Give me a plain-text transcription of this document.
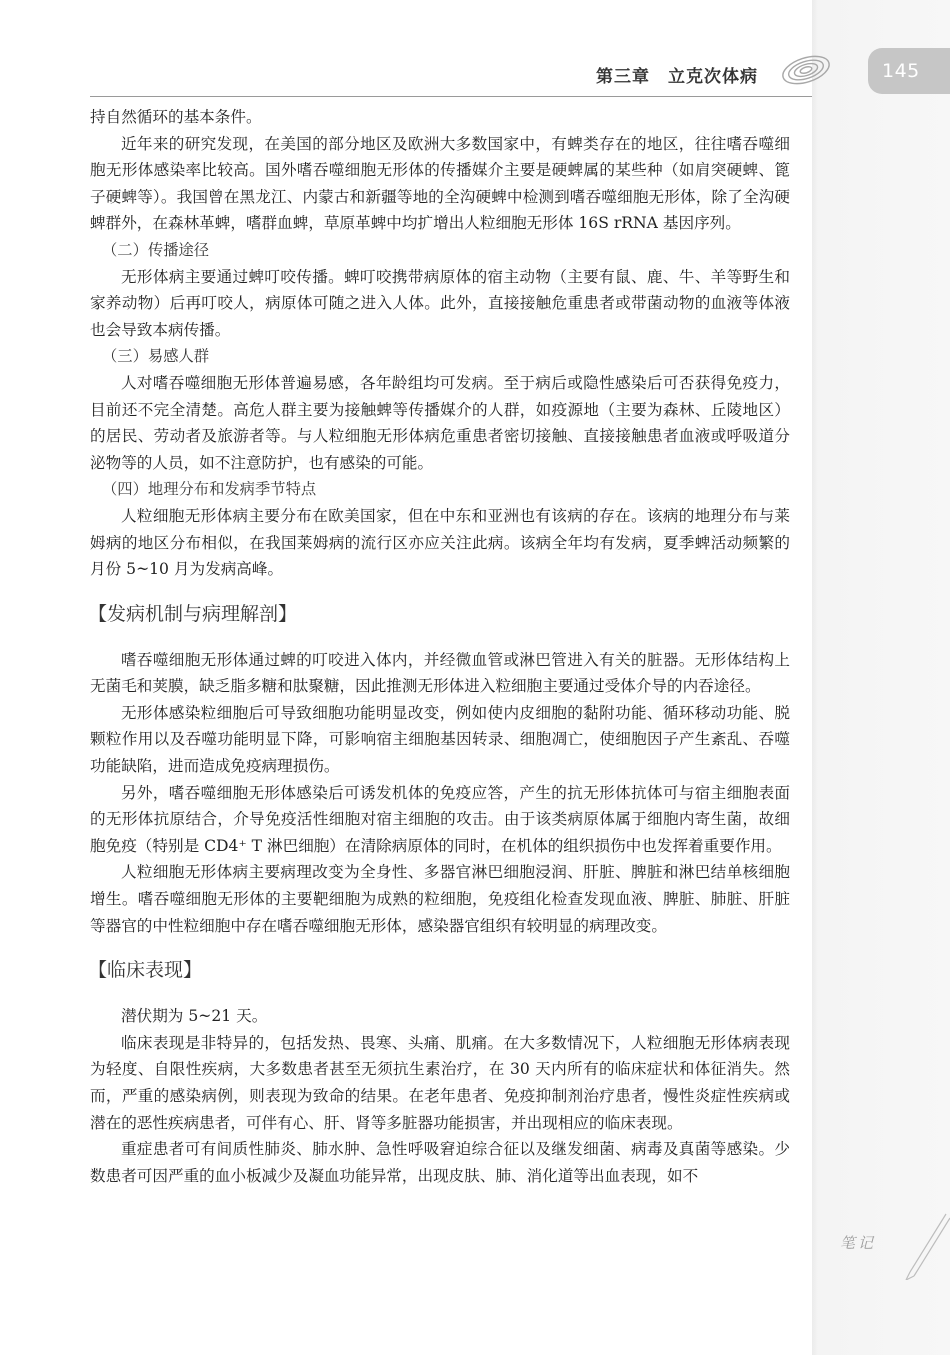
第三章　立克次体病	145

持自然循环的基本条件。

近年来的研究发现，在美国的部分地区及欧洲大多数国家中，有蜱类存在的地区，往往嗜吞噬细胞无形体感染率比较高。国外嗜吞噬细胞无形体的传播媒介主要是硬蜱属的某些种（如肩突硬蜱、篦子硬蜱等）。我国曾在黑龙江、内蒙古和新疆等地的全沟硬蜱中检测到嗜吞噬细胞无形体，除了全沟硬蜱群外，在森林革蜱，嗜群血蜱，草原革蜱中均扩增出人粒细胞无形体 16S rRNA 基因序列。

（二）传播途径

无形体病主要通过蜱叮咬传播。蜱叮咬携带病原体的宿主动物（主要有鼠、鹿、牛、羊等野生和家养动物）后再叮咬人，病原体可随之进入人体。此外，直接接触危重患者或带菌动物的血液等体液也会导致本病传播。

（三）易感人群

人对嗜吞噬细胞无形体普遍易感，各年龄组均可发病。至于病后或隐性感染后可否获得免疫力，目前还不完全清楚。高危人群主要为接触蜱等传播媒介的人群，如疫源地（主要为森林、丘陵地区）的居民、劳动者及旅游者等。与人粒细胞无形体病危重患者密切接触、直接接触患者血液或呼吸道分泌物等的人员，如不注意防护，也有感染的可能。

（四）地理分布和发病季节特点

人粒细胞无形体病主要分布在欧美国家，但在中东和亚洲也有该病的存在。该病的地理分布与莱姆病的地区分布相似，在我国莱姆病的流行区亦应关注此病。该病全年均有发病，夏季蜱活动频繁的月份 5~10 月为发病高峰。

【发病机制与病理解剖】

嗜吞噬细胞无形体通过蜱的叮咬进入体内，并经微血管或淋巴管进入有关的脏器。无形体结构上无菌毛和荚膜，缺乏脂多糖和肽聚糖，因此推测无形体进入粒细胞主要通过受体介导的内吞途径。

无形体感染粒细胞后可导致细胞功能明显改变，例如使内皮细胞的黏附功能、循环移动功能、脱颗粒作用以及吞噬功能明显下降，可影响宿主细胞基因转录、细胞凋亡，使细胞因子产生紊乱、吞噬功能缺陷，进而造成免疫病理损伤。

另外，嗜吞噬细胞无形体感染后可诱发机体的免疫应答，产生的抗无形体抗体可与宿主细胞表面的无形体抗原结合，介导免疫活性细胞对宿主细胞的攻击。由于该类病原体属于细胞内寄生菌，故细胞免疫（特别是 CD4⁺ T 淋巴细胞）在清除病原体的同时，在机体的组织损伤中也发挥着重要作用。

人粒细胞无形体病主要病理改变为全身性、多器官淋巴细胞浸润、肝脏、脾脏和淋巴结单核细胞增生。嗜吞噬细胞无形体的主要靶细胞为成熟的粒细胞，免疫组化检查发现血液、脾脏、肺脏、肝脏等器官的中性粒细胞中存在嗜吞噬细胞无形体，感染器官组织有较明显的病理改变。

【临床表现】

潜伏期为 5~21 天。

临床表现是非特异的，包括发热、畏寒、头痛、肌痛。在大多数情况下，人粒细胞无形体病表现为轻度、自限性疾病，大多数患者甚至无须抗生素治疗，在 30 天内所有的临床症状和体征消失。然而，严重的感染病例，则表现为致命的结果。在老年患者、免疫抑制剂治疗患者，慢性炎症性疾病或潜在的恶性疾病患者，可伴有心、肝、肾等多脏器功能损害，并出现相应的临床表现。

重症患者可有间质性肺炎、肺水肿、急性呼吸窘迫综合征以及继发细菌、病毒及真菌等感染。少数患者可因严重的血小板减少及凝血功能异常，出现皮肤、肺、消化道等出血表现，如不

笔记
